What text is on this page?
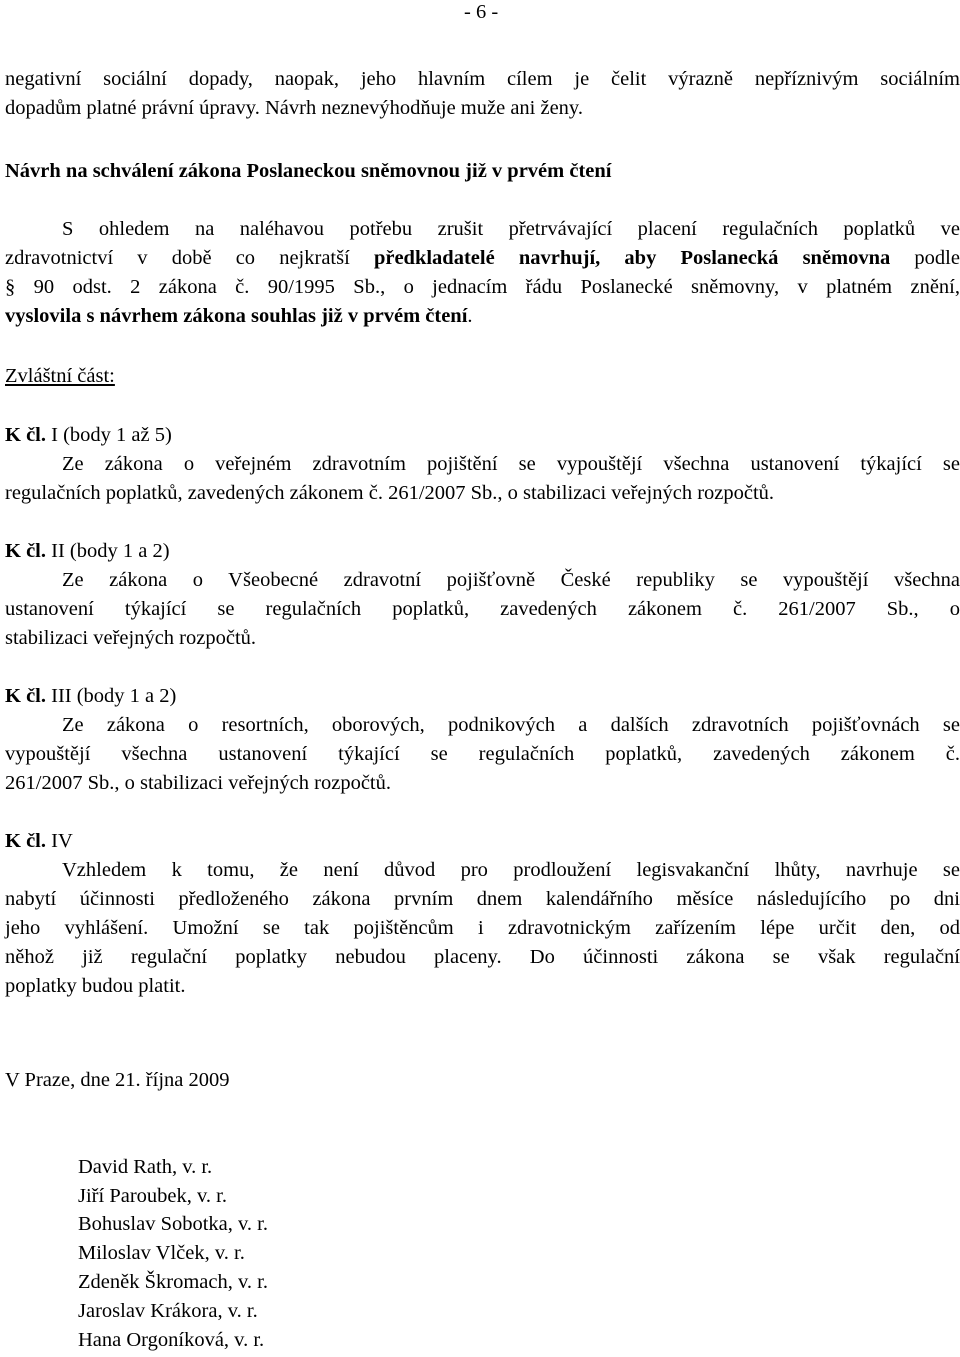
- 6 -
negativní sociální dopady, naopak, jeho hlavním cílem je čelit výrazně nepříznivým sociálním
dopadům platné právní úpravy. Návrh neznevýhodňuje muže ani ženy.
Návrh na schválení zákona Poslaneckou sněmovnou již v prvém čtení
S ohledem na naléhavou potřebu zrušit přetrvávající placení regulačních poplatků ve
zdravotnictví v době co nejkratší předkladatelé navrhují, aby Poslanecká sněmovna podle
§ 90 odst. 2 zákona č. 90/1995 Sb., o jednacím řádu Poslanecké sněmovny, v platném znění,
vyslovila s návrhem zákona souhlas již v prvém čtení.
Zvláštní část:
K čl. I (body 1 až 5)
Ze zákona o veřejném zdravotním pojištění se vypouštějí všechna ustanovení týkající se
regulačních poplatků, zavedených zákonem č. 261/2007 Sb., o stabilizaci veřejných rozpočtů.
K čl. II (body 1 a 2)
Ze zákona o Všeobecné zdravotní pojišťovně České republiky se vypouštějí všechna
ustanovení týkající se regulačních poplatků, zavedených zákonem č. 261/2007 Sb., o
stabilizaci veřejných rozpočtů.
K čl. III (body 1 a 2)
Ze zákona o resortních, oborových, podnikových a dalších zdravotních pojišťovnách se
vypouštějí všechna ustanovení týkající se regulačních poplatků, zavedených zákonem č.
261/2007 Sb., o stabilizaci veřejných rozpočtů.
K čl. IV
Vzhledem k tomu, že není důvod pro prodloužení legisvakanční lhůty, navrhuje se
nabytí účinnosti předloženého zákona prvním dnem kalendářního měsíce následujícího po dni
jeho vyhlášení. Umožní se tak pojištěncům i zdravotnickým zařízením lépe určit den, od
něhož již regulační poplatky nebudou placeny. Do účinnosti zákona se však regulační
poplatky budou platit.
V Praze, dne 21. října 2009
David Rath, v. r.
Jiří Paroubek, v. r.
Bohuslav Sobotka, v. r.
Miloslav Vlček, v. r.
Zdeněk Škromach, v. r.
Jaroslav Krákora, v. r.
Hana Orgoníková, v. r.
